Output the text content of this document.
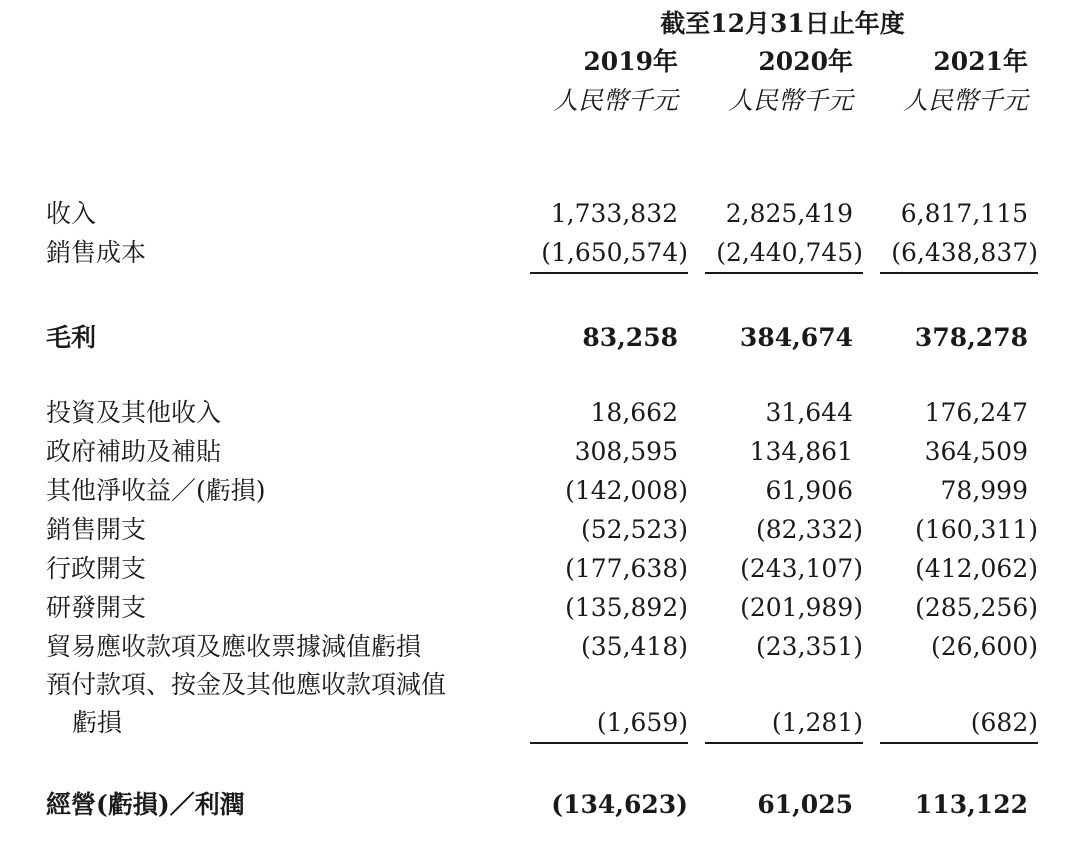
截至12月31日止年度
2019年	2020年	2021年
人民幣千元	人民幣千元	人民幣千元
收入	1,733,832	2,825,419	6,817,115
銷售成本	(1,650,574)	(2,440,745)	(6,438,837)
毛利	83,258	384,674	378,278
投資及其他收入	18,662	31,644	176,247
政府補助及補貼	308,595	134,861	364,509
其他淨收益／(虧損)	(142,008)	61,906	78,999
銷售開支	(52,523)	(82,332)	(160,311)
行政開支	(177,638)	(243,107)	(412,062)
研發開支	(135,892)	(201,989)	(285,256)
貿易應收款項及應收票據減值虧損	(35,418)	(23,351)	(26,600)
預付款項、按金及其他應收款項減值
虧損	(1,659)	(1,281)	(682)
經營(虧損)／利潤	(134,623)	61,025	113,122
